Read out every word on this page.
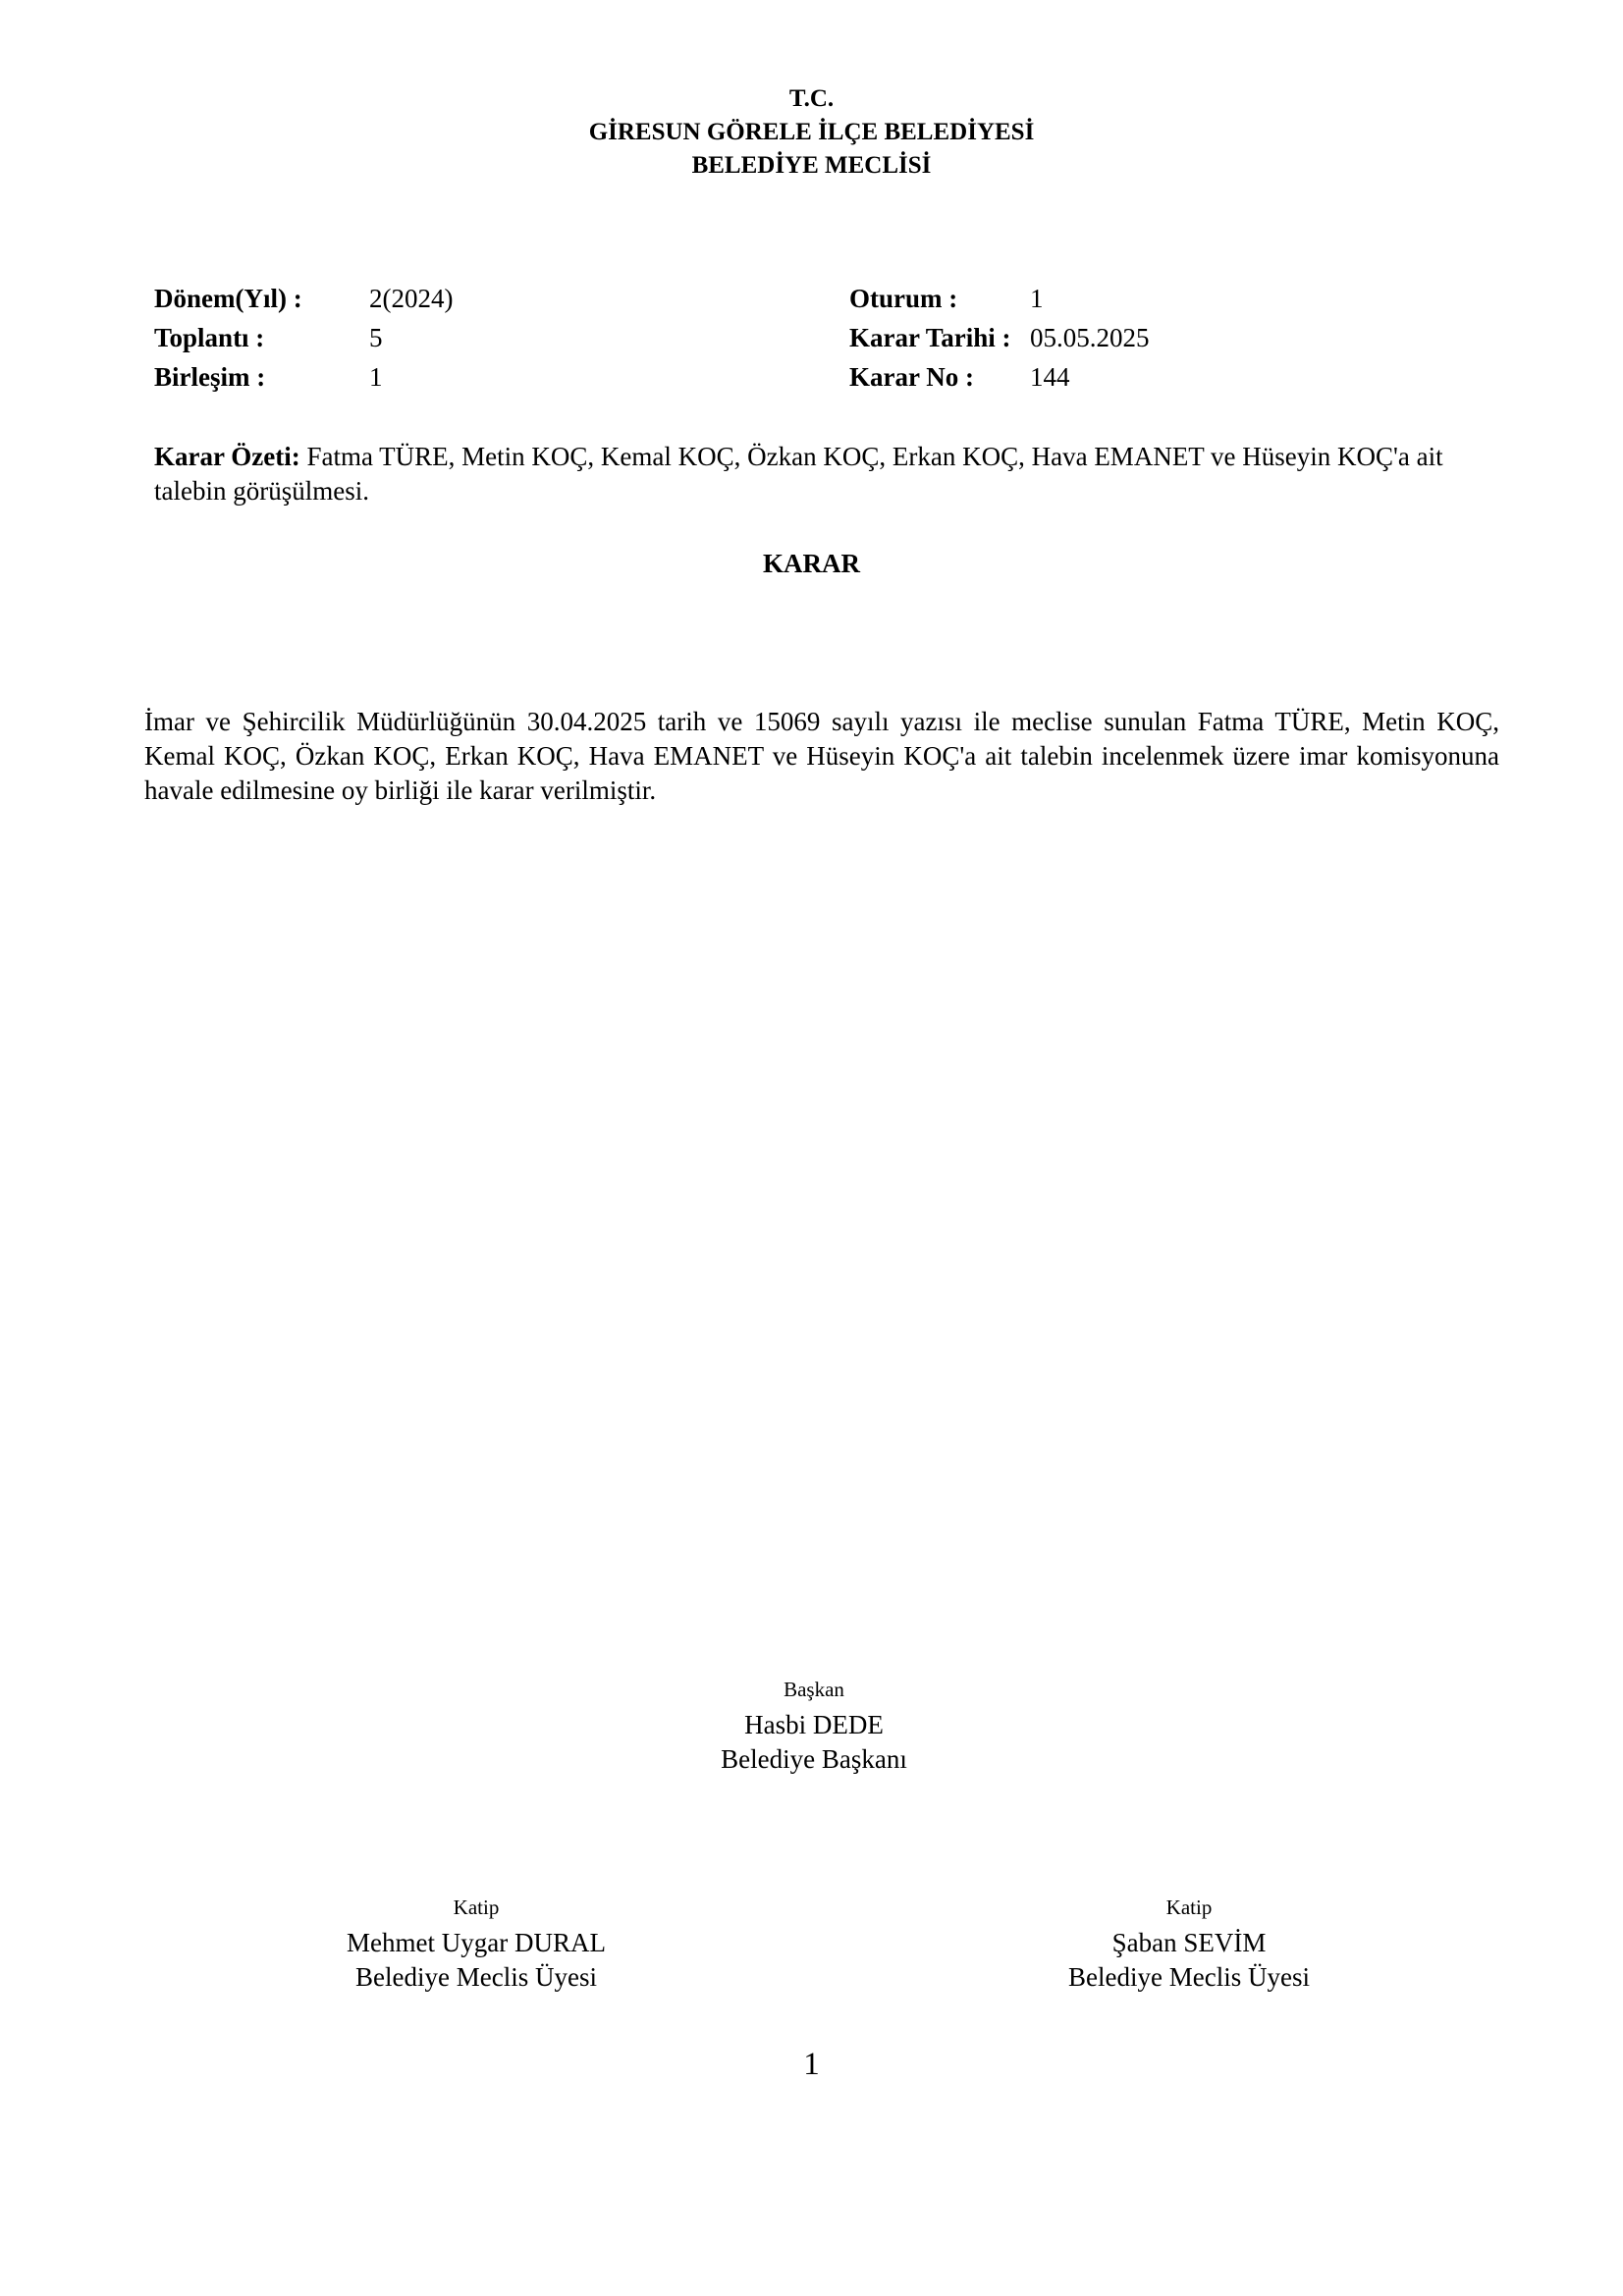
T.C.
GİRESUN GÖRELE İLÇE BELEDİYESİ
BELEDİYE MECLİSİ
Dönem(Yıl) :	2(2024)
Toplantı :	5
Birleşim :	1
Oturum :	1
Karar Tarihi : 05.05.2025
Karar No : 144
Karar Özeti: Fatma TÜRE, Metin KOÇ, Kemal KOÇ, Özkan KOÇ, Erkan KOÇ, Hava EMANET ve Hüseyin KOÇ'a ait talebin görüşülmesi.
KARAR
İmar ve Şehircilik Müdürlüğünün 30.04.2025 tarih ve 15069 sayılı yazısı ile meclise sunulan Fatma TÜRE, Metin KOÇ, Kemal KOÇ, Özkan KOÇ, Erkan KOÇ, Hava EMANET ve Hüseyin KOÇ'a ait talebin incelenmek üzere imar komisyonuna havale edilmesine oy birliği ile karar verilmiştir.
Başkan
Hasbi DEDE
Belediye Başkanı
Katip
Mehmet Uygar DURAL
Belediye Meclis Üyesi
Katip
Şaban SEVİM
Belediye Meclis Üyesi
1
